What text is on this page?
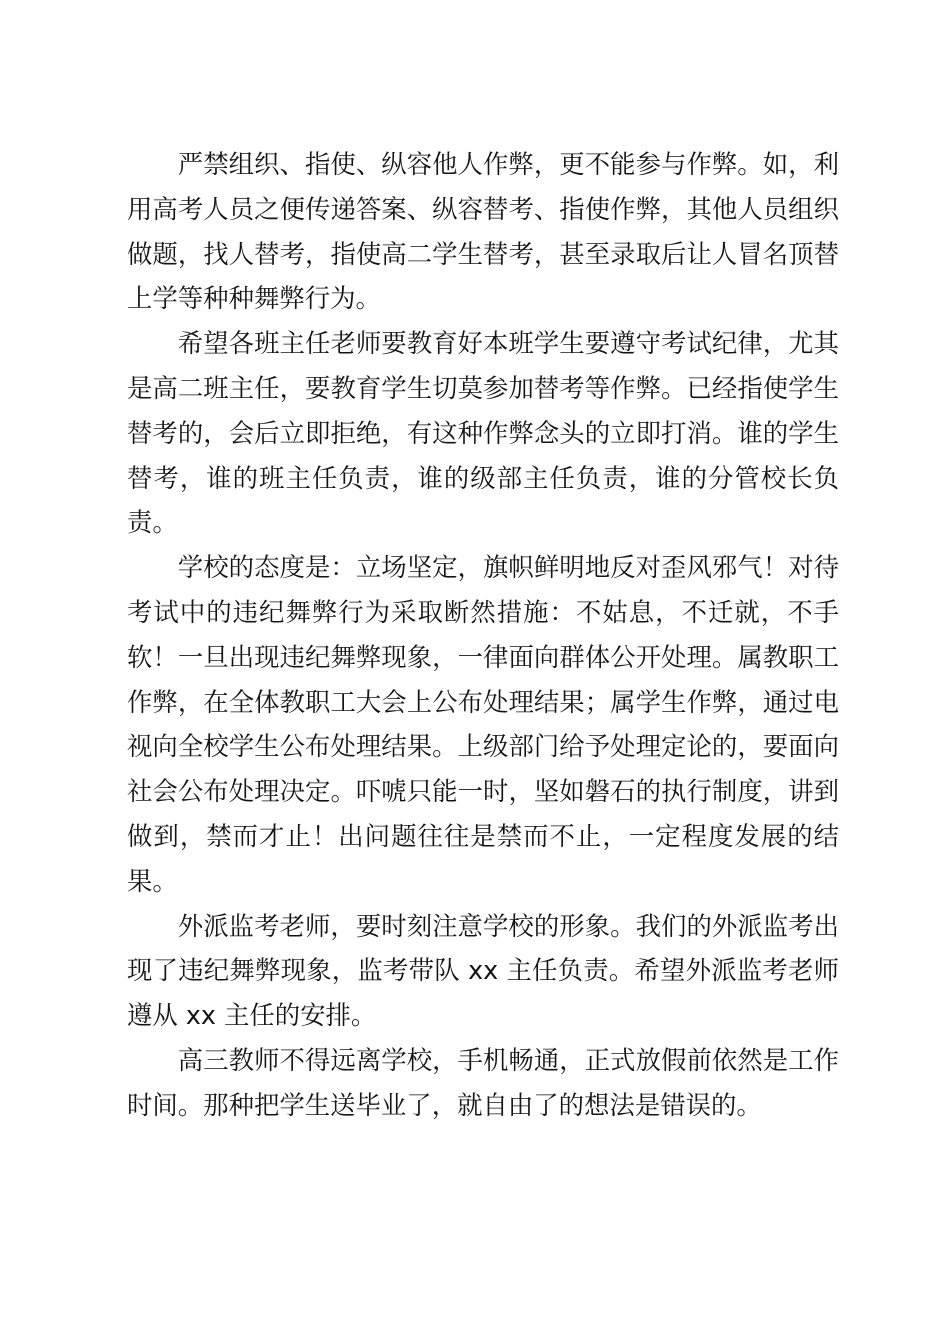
严禁组织、指使、纵容他人作弊，更不能参与作弊。如，利用高考人员之便传递答案、纵容替考、指使作弊，其他人员组织做题，找人替考，指使高二学生替考，甚至录取后让人冒名顶替上学等种种舞弊行为。

希望各班主任老师要教育好本班学生要遵守考试纪律，尤其是高二班主任，要教育学生切莫参加替考等作弊。已经指使学生替考的，会后立即拒绝，有这种作弊念头的立即打消。谁的学生替考，谁的班主任负责，谁的级部主任负责，谁的分管校长负责。

学校的态度是：立场坚定，旗帜鲜明地反对歪风邪气！对待考试中的违纪舞弊行为采取断然措施：不姑息，不迁就，不手软！一旦出现违纪舞弊现象，一律面向群体公开处理。属教职工作弊，在全体教职工大会上公布处理结果；属学生作弊，通过电视向全校学生公布处理结果。上级部门给予处理定论的，要面向社会公布处理决定。吓唬只能一时，坚如磐石的执行制度，讲到做到，禁而才止！出问题往往是禁而不止，一定程度发展的结果。

外派监考老师，要时刻注意学校的形象。我们的外派监考出现了违纪舞弊现象，监考带队 xx 主任负责。希望外派监考老师遵从 xx 主任的安排。

高三教师不得远离学校，手机畅通，正式放假前依然是工作时间。那种把学生送毕业了，就自由了的想法是错误的。
